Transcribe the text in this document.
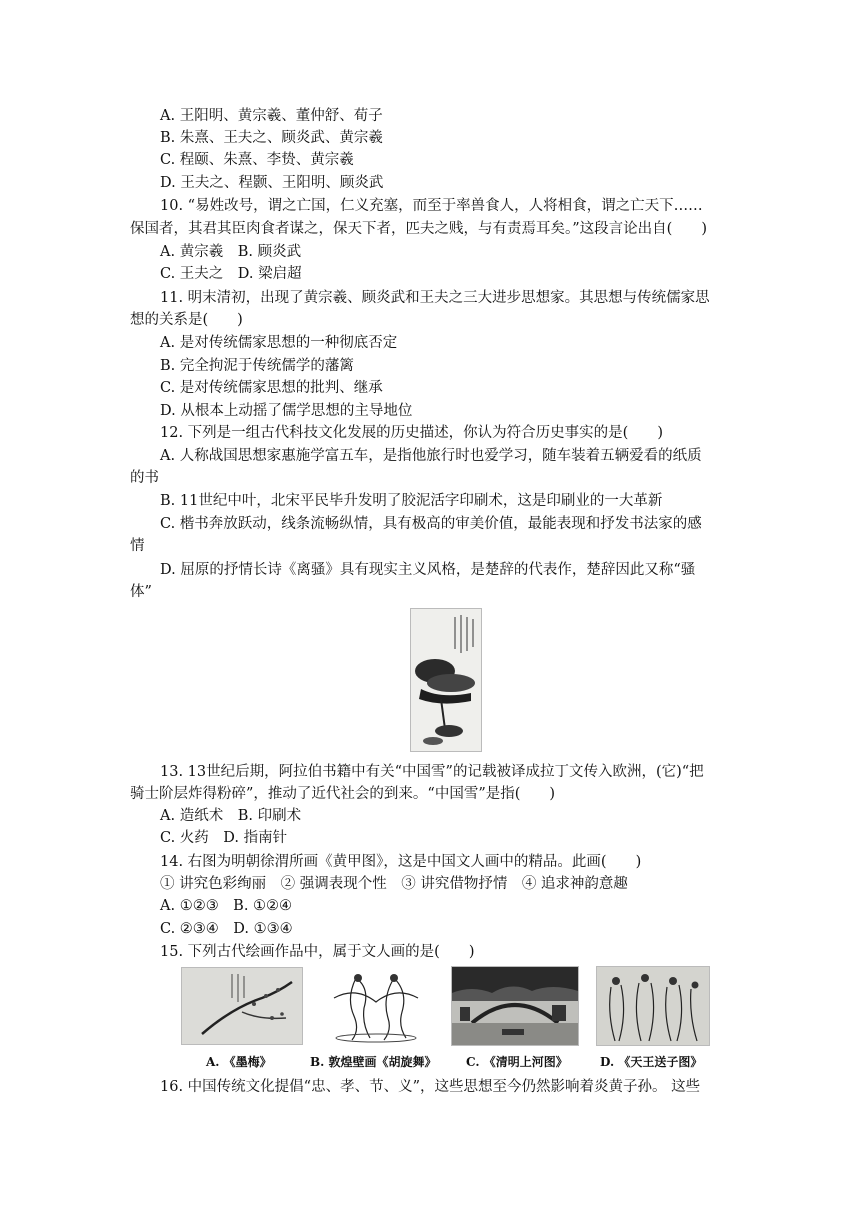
A. 王阳明、黄宗羲、董仲舒、荀子
B. 朱熹、王夫之、顾炎武、黄宗羲
C. 程颐、朱熹、李贽、黄宗羲
D. 王夫之、程颢、王阳明、顾炎武
10. “易姓改号，谓之亡国，仁义充塞，而至于率兽食人，人将相食，谓之亡天下……
保国者，其君其臣肉食者谋之，保天下者，匹夫之贱，与有责焉耳矣。”这段言论出自(　　)
A. 黄宗羲　B. 顾炎武
C. 王夫之　D. 梁启超
11. 明末清初，出现了黄宗羲、顾炎武和王夫之三大进步思想家。其思想与传统儒家思
想的关系是(　　)
A. 是对传统儒家思想的一种彻底否定
B. 完全拘泥于传统儒学的藩篱
C. 是对传统儒家思想的批判、继承
D. 从根本上动摇了儒学思想的主导地位
12. 下列是一组古代科技文化发展的历史描述，你认为符合历史事实的是(　　)
A. 人称战国思想家惠施学富五车，是指他旅行时也爱学习，随车装着五辆爱看的纸质
的书
B. 11世纪中叶，北宋平民毕升发明了胶泥活字印刷术，这是印刷业的一大革新
C. 楷书奔放跃动，线条流畅纵情，具有极高的审美价值，最能表现和抒发书法家的感
情
D. 屈原的抒情长诗《离骚》具有现实主义风格，是楚辞的代表作，楚辞因此又称“骚
体”
13. 13世纪后期，阿拉伯书籍中有关“中国雪”的记载被译成拉丁文传入欧洲，(它)“把
骑士阶层炸得粉碎”，推动了近代社会的到来。“中国雪”是指(　　)
A. 造纸术　B. 印刷术
C. 火药　D. 指南针
14. 右图为明朝徐渭所画《黄甲图》，这是中国文人画中的精品。此画(　　)
① 讲究色彩绚丽　② 强调表现个性　③ 讲究借物抒情　④ 追求神韵意趣
A. ①②③　B. ①②④
C. ②③④　D. ①③④
15. 下列古代绘画作品中，属于文人画的是(　　)
A. 《墨梅》	B. 敦煌壁画《胡旋舞》 C. 《清明上河图》	D. 《天王送子图》
16. 中国传统文化提倡“忠、孝、节、义”，这些思想至今仍然影响着炎黄子孙。 这些
